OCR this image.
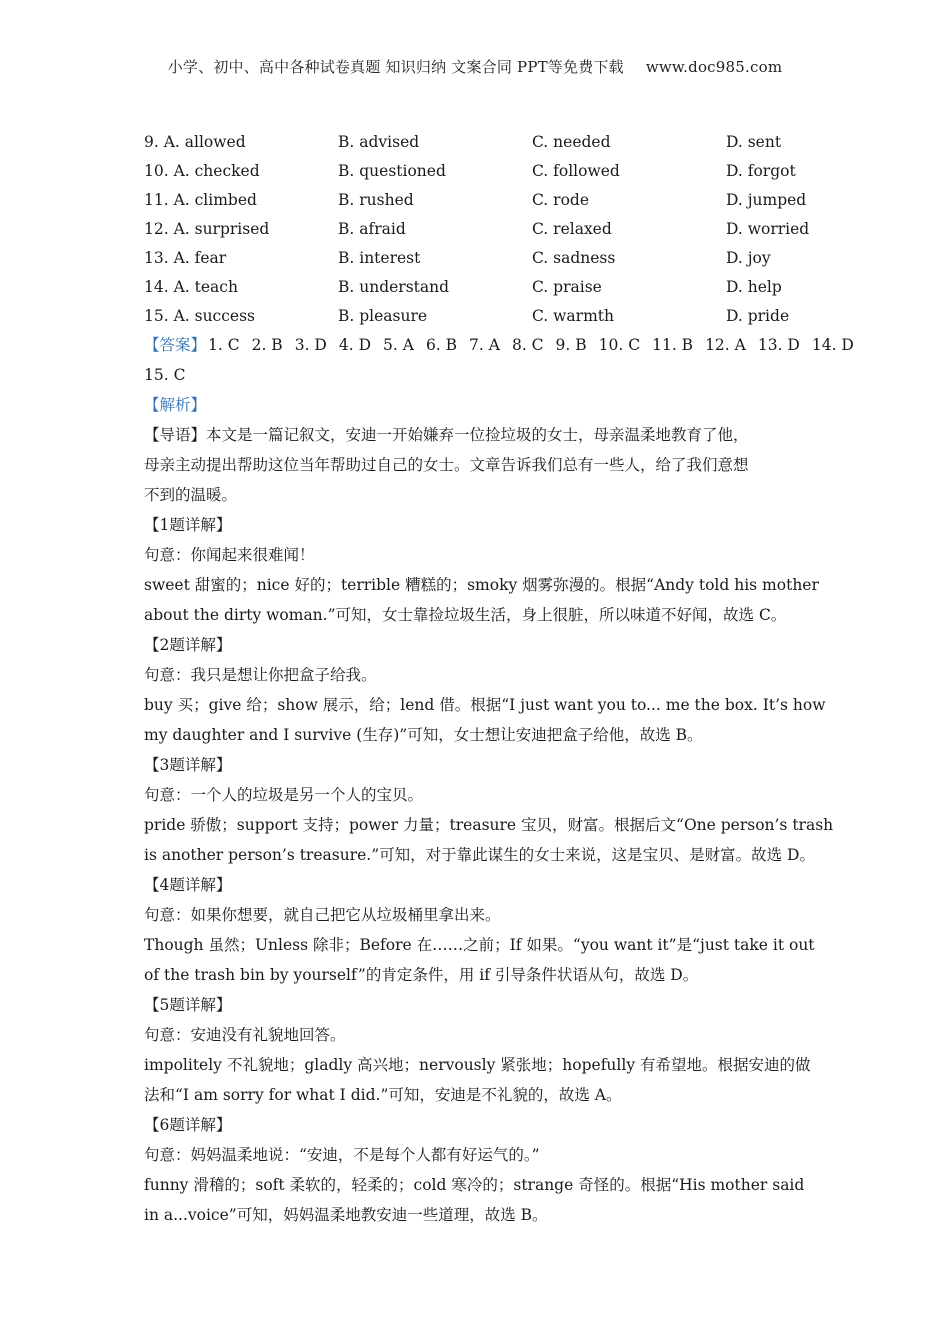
小学、初中、高中各种试卷真题 知识归纳 文案合同 PPT等免费下载 www.doc985.com
9. A. allowed	B. advised	C. needed	D. sent
10. A. checked	B. questioned	C. followed	D. forgot
11. A. climbed	B. rushed	C. rode	D. jumped
12. A. surprised	B. afraid	C. relaxed	D. worried
13. A. fear	B. interest	C. sadness	D. joy
14. A. teach	B. understand	C. praise	D. help
15. A. success	B. pleasure	C. warmth	D. pride
【答案】 1. C 2. B 3. D 4. D 5. A 6. B 7. A 8. C 9. B 10. C 11. B 12. A 13. D 14. D
15. C
【解析】
【导语】本文是一篇记叙文，安迪一开始嫌弃一位捡垃圾的女士，母亲温柔地教育了他，
母亲主动提出帮助这位当年帮助过自己的女士。文章告诉我们总有一些人，给了我们意想
不到的温暖。
【1题详解】
句意：你闻起来很难闻！
sweet 甜蜜的；nice 好的；terrible 糟糕的；smoky 烟雾弥漫的。根据“Andy told his mother
about the dirty woman.”可知，女士靠捡垃圾生活，身上很脏，所以味道不好闻，故选 C。
【2题详解】
句意：我只是想让你把盒子给我。
buy 买；give 给；show 展示，给；lend 借。根据“I just want you to... me the box. It’s how
my daughter and I survive (生存)”可知，女士想让安迪把盒子给他，故选 B。
【3题详解】
句意：一个人的垃圾是另一个人的宝贝。
pride 骄傲；support 支持；power 力量；treasure 宝贝，财富。根据后文“One person’s trash
is another person’s treasure.”可知，对于靠此谋生的女士来说，这是宝贝、是财富。故选 D。
【4题详解】
句意：如果你想要，就自己把它从垃圾桶里拿出来。
Though 虽然；Unless 除非；Before 在……之前；If 如果。“you want it”是“just take it out
of the trash bin by yourself”的肯定条件，用 if 引导条件状语从句，故选 D。
【5题详解】
句意：安迪没有礼貌地回答。
impolitely 不礼貌地；gladly 高兴地；nervously 紧张地；hopefully 有希望地。根据安迪的做
法和“I am sorry for what I did.”可知，安迪是不礼貌的，故选 A。
【6题详解】
句意：妈妈温柔地说：“安迪，不是每个人都有好运气的。”
funny 滑稽的；soft 柔软的，轻柔的；cold 寒冷的；strange 奇怪的。根据“His mother said
in a...voice”可知，妈妈温柔地教安迪一些道理，故选 B。
